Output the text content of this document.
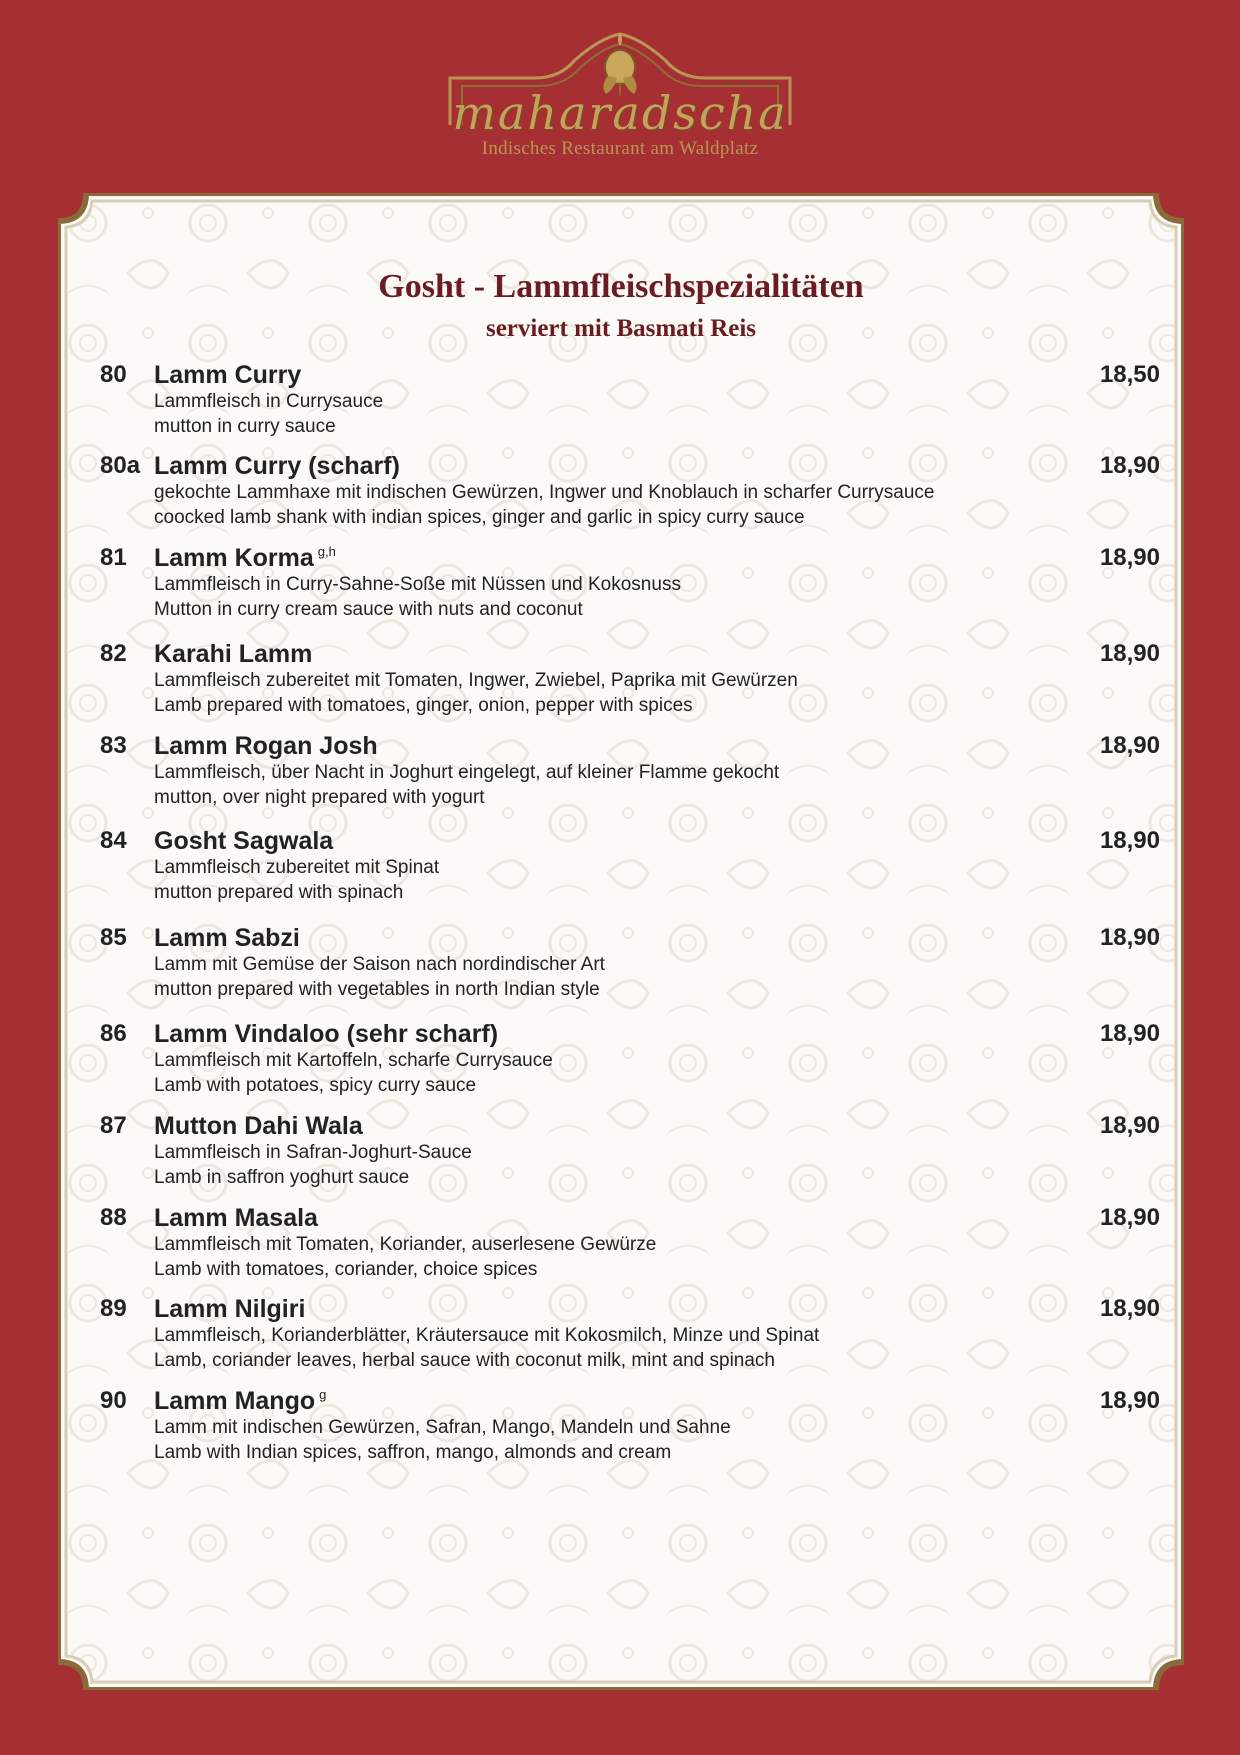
maharadscha
Indisches Restaurant am Waldplatz
Gosht - Lammfleischspezialitäten
serviert mit Basmati Reis
80 Lamm Curry	18,50
Lammfleisch in Currysauce
mutton in curry sauce
80a Lamm Curry (scharf)	18,90
gekochte Lammhaxe mit indischen Gewürzen, Ingwer und Knoblauch in scharfer Currysauce
coocked lamb shank with indian spices, ginger and garlic in spicy curry sauce
81 Lamm Korma $^{g,h}$	18,90
Lammfleisch in Curry-Sahne-Soße mit Nüssen und Kokosnuss
Mutton in curry cream sauce with nuts and coconut
82 Karahi Lamm	18,90
Lammfleisch zubereitet mit Tomaten, Ingwer, Zwiebel, Paprika mit Gewürzen
Lamb prepared with tomatoes, ginger, onion, pepper with spices
83 Lamm Rogan Josh	18,90
Lammfleisch, über Nacht in Joghurt eingelegt, auf kleiner Flamme gekocht
mutton, over night prepared with yogurt
84 Gosht Sagwala	18,90
Lammfleisch zubereitet mit Spinat
mutton prepared with spinach
85 Lamm Sabzi	18,90
Lamm mit Gemüse der Saison nach nordindischer Art
mutton prepared with vegetables in north Indian style
86 Lamm Vindaloo (sehr scharf)	18,90
Lammfleisch mit Kartoffeln, scharfe Currysauce
Lamb with potatoes, spicy curry sauce
87 Mutton Dahi Wala	18,90
Lammfleisch in Safran-Joghurt-Sauce
Lamb in saffron yoghurt sauce
88 Lamm Masala	18,90
Lammfleisch mit Tomaten, Koriander, auserlesene Gewürze
Lamb with tomatoes, coriander, choice spices
89 Lamm Nilgiri	18,90
Lammfleisch, Korianderblätter, Kräutersauce mit Kokosmilch, Minze und Spinat
Lamb, coriander leaves, herbal sauce with coconut milk, mint and spinach
90 Lamm Mango $^g$	18,90
Lamm mit indischen Gewürzen, Safran, Mango, Mandeln und Sahne
Lamb with Indian spices, saffron, mango, almonds and cream
